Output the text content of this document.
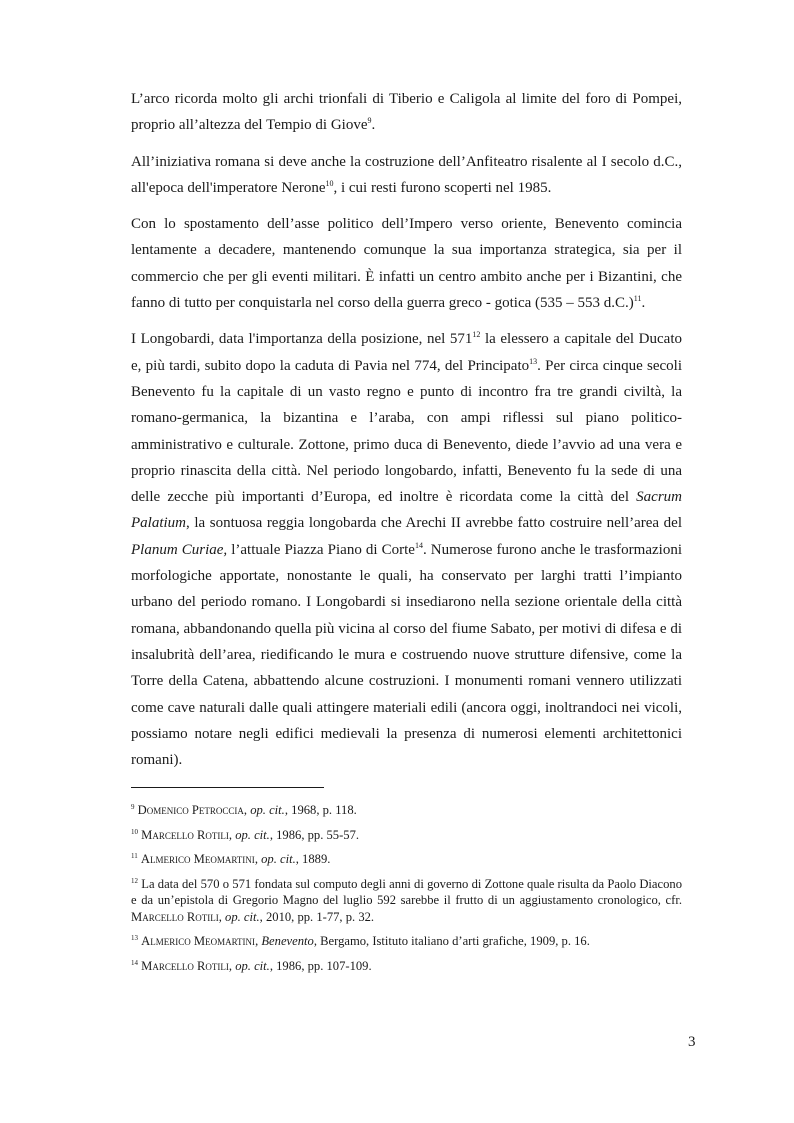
L’arco ricorda molto gli archi trionfali di Tiberio e Caligola al limite del foro di Pompei, proprio all’altezza del Tempio di Giove$^9$.

All’iniziativa romana si deve anche la costruzione dell’Anfiteatro risalente al I secolo d.C., all'epoca dell'imperatore Nerone$^{10}$, i cui resti furono scoperti nel 1985.

Con lo spostamento dell’asse politico dell’Impero verso oriente, Benevento comincia lentamente a decadere, mantenendo comunque la sua importanza strategica, sia per il commercio che per gli eventi militari. È infatti un centro ambito anche per i Bizantini, che fanno di tutto per conquistarla nel corso della guerra greco - gotica (535 – 553 d.C.)$^{11}$.

I Longobardi, data l'importanza della posizione, nel $571^{12}$ la elessero a capitale del Ducato e, più tardi, subito dopo la caduta di Pavia nel 774, del Principato$^{13}$. Per circa cinque secoli Benevento fu la capitale di un vasto regno e punto di incontro fra tre grandi civiltà, la romano-germanica, la bizantina e l’araba, con ampi riflessi sul piano politico-amministrativo e culturale. Zottone, primo duca di Benevento, diede l’avvio ad una vera e proprio rinascita della città. Nel periodo longobardo, infatti, Benevento fu la sede di una delle zecche più importanti d’Europa, ed inoltre è ricordata come la città del Sacrum Palatium, la sontuosa reggia longobarda che Arechi II avrebbe fatto costruire nell’area del Planum Curiae, l’attuale Piazza Piano di Corte$^{14}$. Numerose furono anche le trasformazioni morfologiche apportate, nonostante le quali, ha conservato per larghi tratti l’impianto urbano del periodo romano. I Longobardi si insediarono nella sezione orientale della città romana, abbandonando quella più vicina al corso del fiume Sabato, per motivi di difesa e di insalubrità dell’area, riedificando le mura e costruendo nuove strutture difensive, come la Torre della Catena, abbattendo alcune costruzioni. I monumenti romani vennero utilizzati come cave naturali dalle quali attingere materiali edili (ancora oggi, inoltrandoci nei vicoli, possiamo notare negli edifici medievali la presenza di numerosi elementi architettonici romani).

$^9$ Domenico Petroccia, op. cit., 1968, p. 118.

$^{10}$ Marcello Rotili, op. cit., 1986, pp. 55-57.

$^{11}$ Almerico Meomartini, op. cit., 1889.

$^{12}$ La data del 570 o 571 fondata sul computo degli anni di governo di Zottone quale risulta da Paolo Diacono e da un’epistola di Gregorio Magno del luglio 592 sarebbe il frutto di un aggiustamento cronologico, cfr. Marcello Rotili, op. cit., 2010, pp. 1-77, p. 32.

$^{13}$ Almerico Meomartini, Benevento, Bergamo, Istituto italiano d’arti grafiche, 1909, p. 16.

$^{14}$ Marcello Rotili, op. cit., 1986, pp. 107-109.

3
